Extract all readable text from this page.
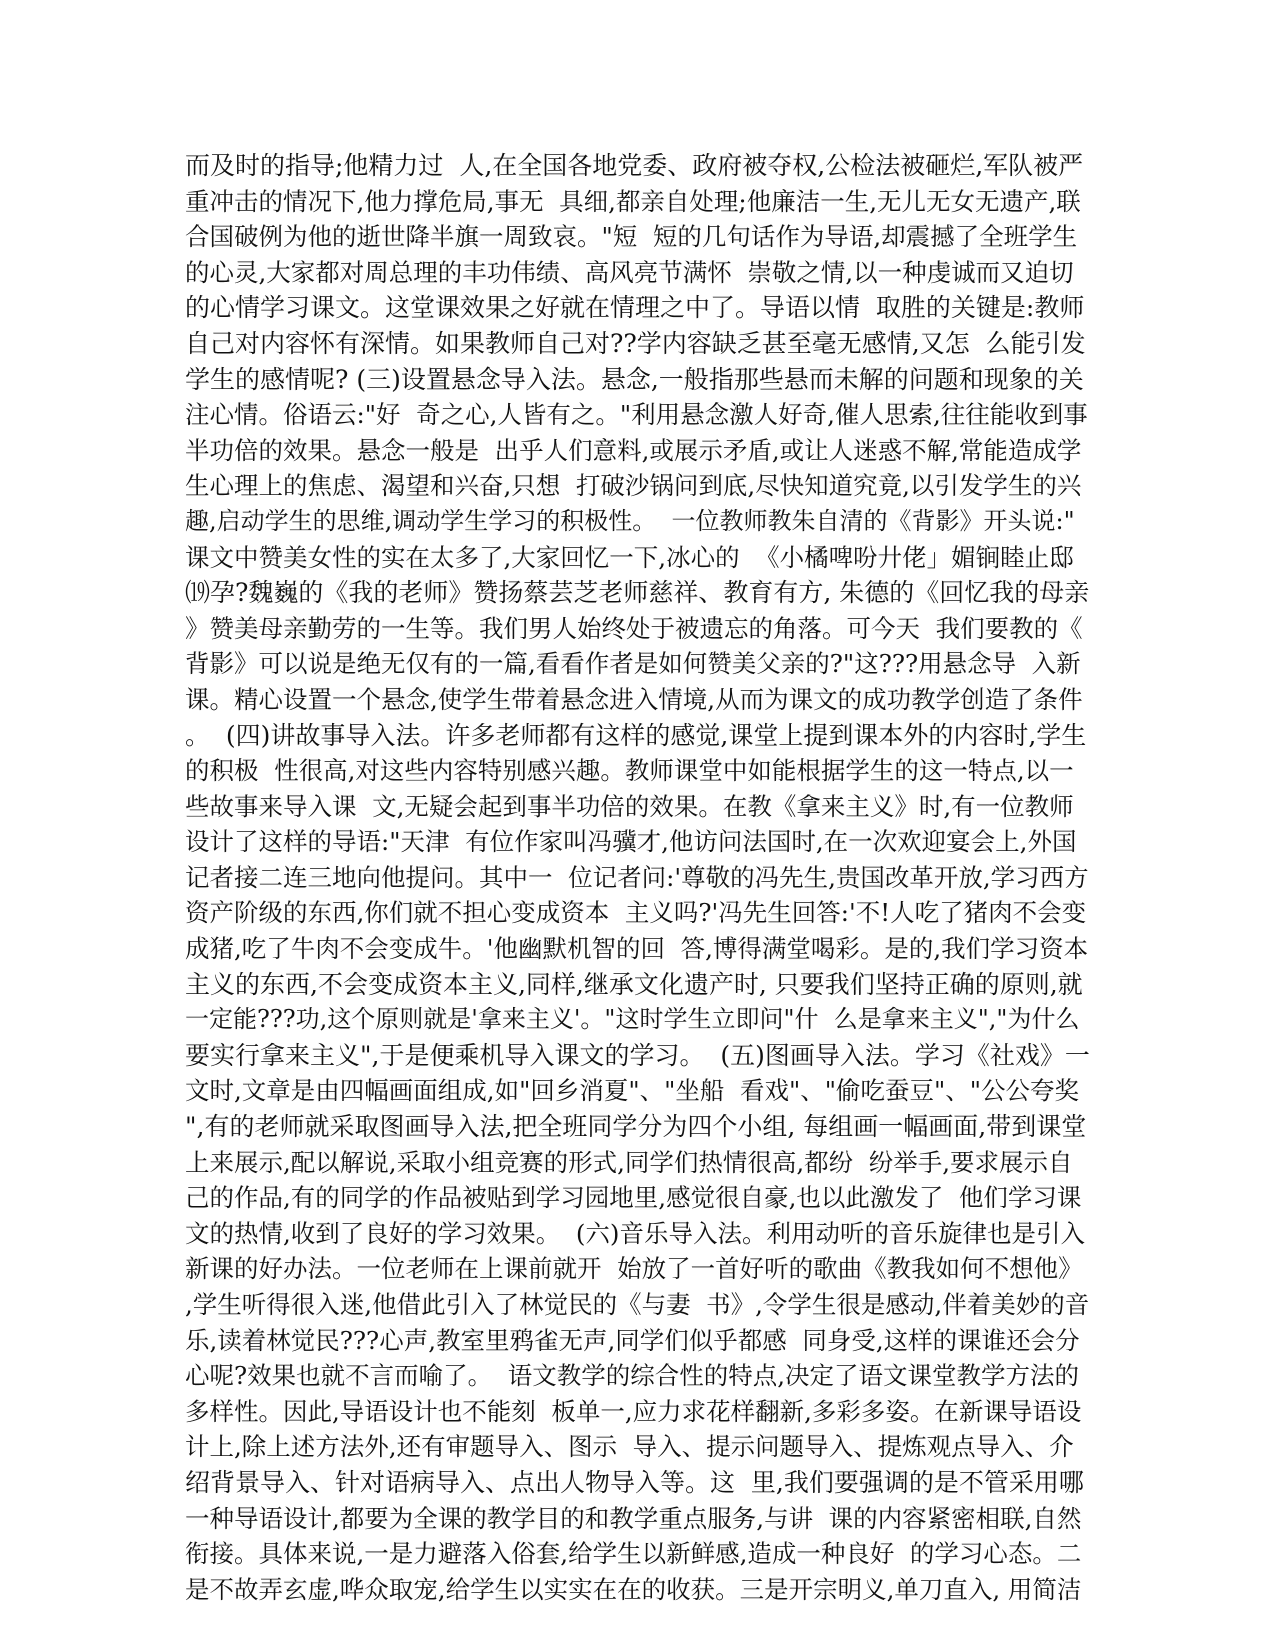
而及时的指导;他精力过  人,在全国各地党委、政府被夺权,公检法被砸烂,军队被严
重冲击的情况下,他力撑危局,事无  具细,都亲自处理;他廉洁一生,无儿无女无遗产,联
合国破例为他的逝世降半旗一周致哀。"短  短的几句话作为导语,却震撼了全班学生
的心灵,大家都对周总理的丰功伟绩、高风亮节满怀  崇敬之情,以一种虔诚而又迫切
的心情学习课文。这堂课效果之好就在情理之中了。导语以情  取胜的关键是:教师
自己对内容怀有深情。如果教师自己对??学内容缺乏甚至毫无感情,又怎  么能引发
学生的感情呢? (三)设置悬念导入法。悬念,一般指那些悬而未解的问题和现象的关
注心情。俗语云:"好  奇之心,人皆有之。"利用悬念激人好奇,催人思索,往往能收到事
半功倍的效果。悬念一般是  出乎人们意料,或展示矛盾,或让人迷惑不解,常能造成学
生心理上的焦虑、渴望和兴奋,只想  打破沙锅问到底,尽快知道究竟,以引发学生的兴
趣,启动学生的思维,调动学生学习的积极性。  一位教师教朱自清的《背影》开头说:"
课文中赞美女性的实在太多了,大家回忆一下,冰心的  《小橘啤吩廾佬」媚锏睦止邸
⒆孕?魏巍的《我的老师》赞扬蔡芸芝老师慈祥、教育有方, 朱德的《回忆我的母亲
》赞美母亲勤劳的一生等。我们男人始终处于被遗忘的角落。可今天  我们要教的《
背影》可以说是绝无仅有的一篇,看看作者是如何赞美父亲的?"这???用悬念导  入新
课。精心设置一个悬念,使学生带着悬念进入情境,从而为课文的成功教学创造了条件
。  (四)讲故事导入法。许多老师都有这样的感觉,课堂上提到课本外的内容时,学生
的积极  性很高,对这些内容特别感兴趣。教师课堂中如能根据学生的这一特点,以一
些故事来导入课  文,无疑会起到事半功倍的效果。在教《拿来主义》时,有一位教师
设计了这样的导语:"天津  有位作家叫冯骥才,他访问法国时,在一次欢迎宴会上,外国
记者接二连三地向他提问。其中一  位记者问:'尊敬的冯先生,贵国改革开放,学习西方
资产阶级的东西,你们就不担心变成资本  主义吗?'冯先生回答:'不!人吃了猪肉不会变
成猪,吃了牛肉不会变成牛。'他幽默机智的回  答,博得满堂喝彩。是的,我们学习资本
主义的东西,不会变成资本主义,同样,继承文化遗产时, 只要我们坚持正确的原则,就
一定能???功,这个原则就是'拿来主义'。"这时学生立即问"什  么是拿来主义","为什么
要实行拿来主义",于是便乘机导入课文的学习。  (五)图画导入法。学习《社戏》一
文时,文章是由四幅画面组成,如"回乡消夏"、"坐船  看戏"、"偷吃蚕豆"、"公公夸奖
",有的老师就采取图画导入法,把全班同学分为四个小组, 每组画一幅画面,带到课堂
上来展示,配以解说,采取小组竞赛的形式,同学们热情很高,都纷  纷举手,要求展示自
己的作品,有的同学的作品被贴到学习园地里,感觉很自豪,也以此激发了  他们学习课
文的热情,收到了良好的学习效果。  (六)音乐导入法。利用动听的音乐旋律也是引入
新课的好办法。一位老师在上课前就开  始放了一首好听的歌曲《教我如何不想他》
,学生听得很入迷,他借此引入了林觉民的《与妻  书》,令学生很是感动,伴着美妙的音
乐,读着林觉民???心声,教室里鸦雀无声,同学们似乎都感  同身受,这样的课谁还会分
心呢?效果也就不言而喻了。  语文教学的综合性的特点,决定了语文课堂教学方法的
多样性。因此,导语设计也不能刻  板单一,应力求花样翻新,多彩多姿。在新课导语设
计上,除上述方法外,还有审题导入、图示  导入、提示问题导入、提炼观点导入、介
绍背景导入、针对语病导入、点出人物导入等。这  里,我们要强调的是不管采用哪
一种导语设计,都要为全课的教学目的和教学重点服务,与讲  课的内容紧密相联,自然
衔接。具体来说,一是力避落入俗套,给学生以新鲜感,造成一种良好  的学习心态。二
是不故弄玄虚,哗众取宠,给学生以实实在在的收获。三是开宗明义,单刀直入, 用简洁
